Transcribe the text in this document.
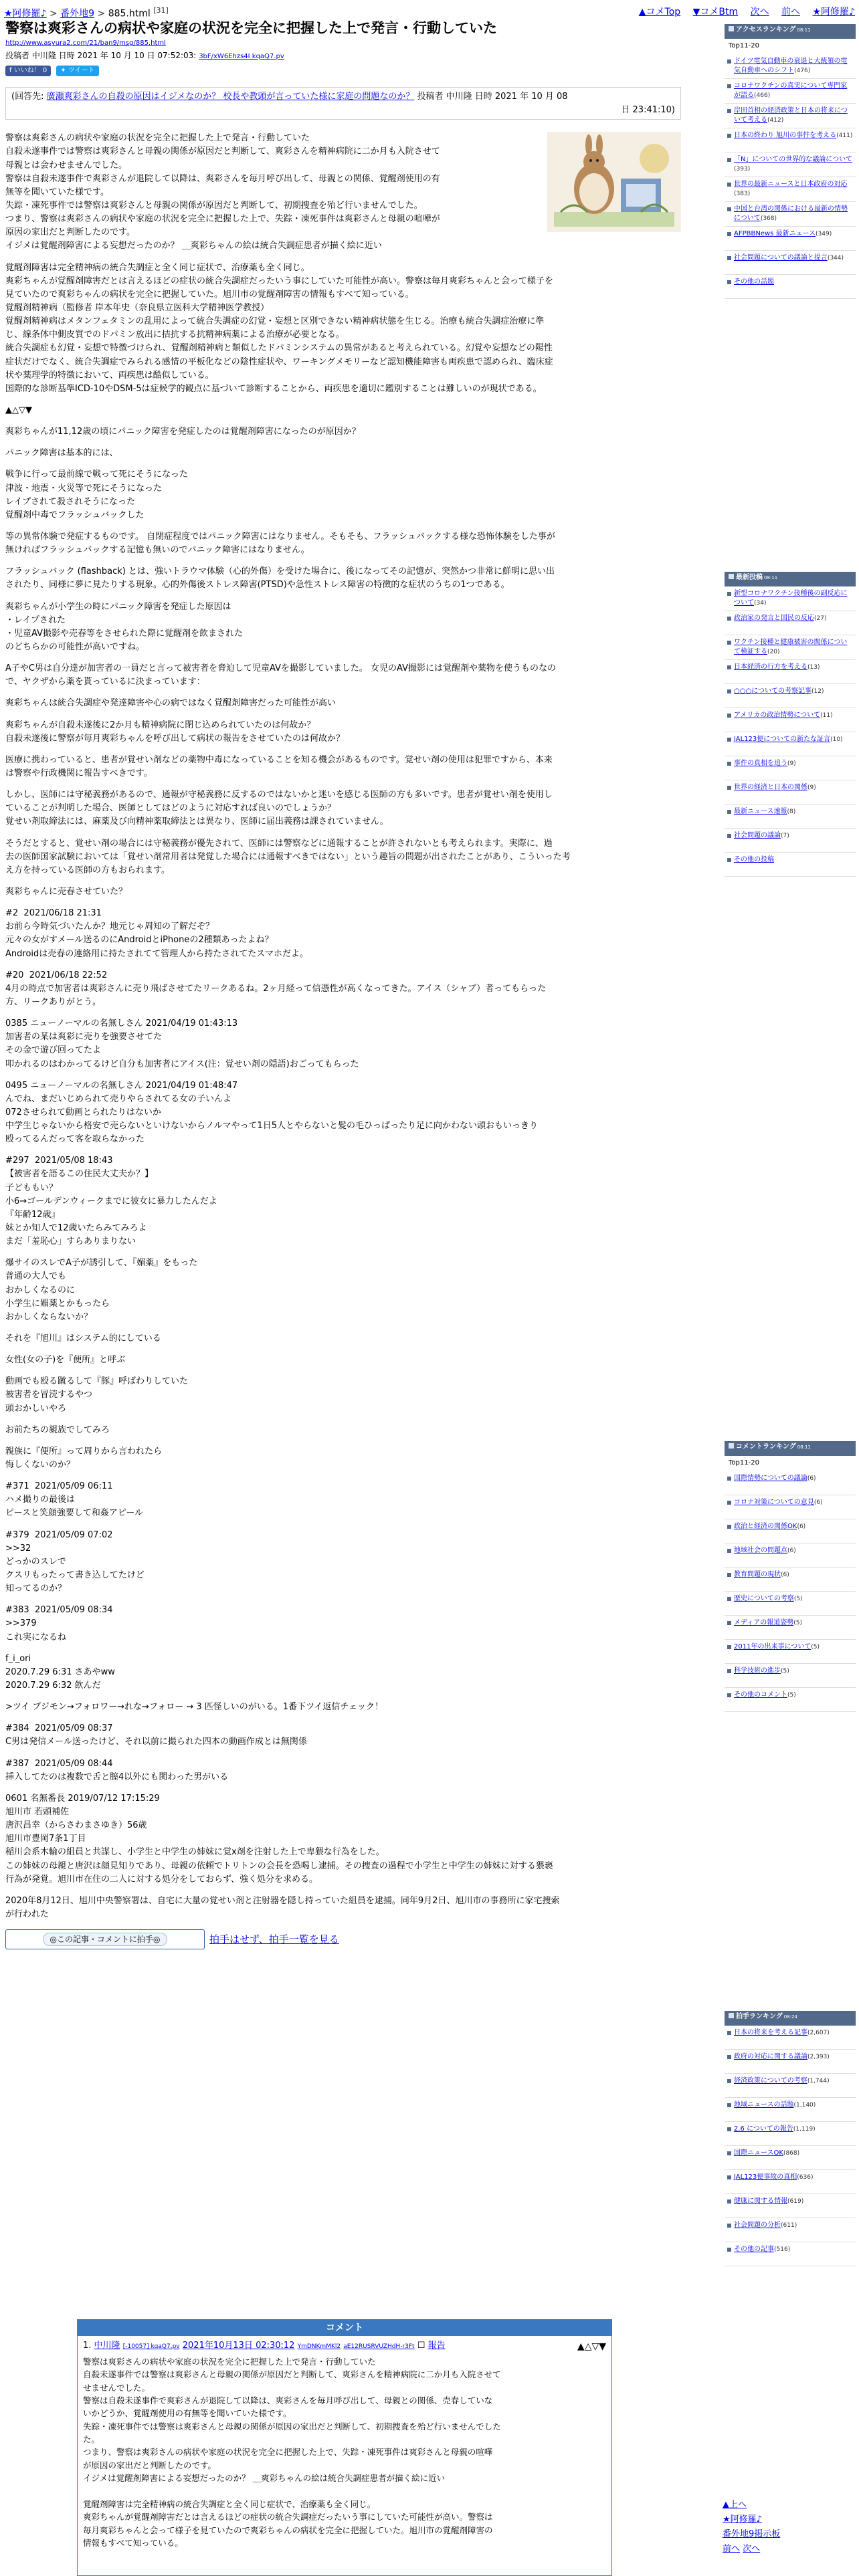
★阿修羅♪ > 番外地9 > 885.html [31]	▲コメTop ▼コメBtm 次へ 前へ ★阿修羅♪
警察は爽彩さんの病状や家庭の状況を完全に把握した上で発言・行動していた
http://www.asyura2.com/21/ban9/msg/885.html
投稿者 中川隆 日時 2021 年 10 月 10 日 07:52:03: 3bF/xW6Ehzs4I kqaQ7.pv
f いいね！ 0 ✦ ツイート
(回答先: 廣瀬爽彩さんの自殺の原因はイジメなのか？ 校長や教頭が言っていた様に家庭の問題なのか？ 投稿者 中川隆 日時 2021 年 10 月 08
日 23:41:10)
警察は爽彩さんの病状や家庭の状況を完全に把握した上で発言・行動していた
自殺未遂事件では警察は爽彩さんと母親の関係が原因だと判断して、爽彩さんを精神病院に二か月も入院させて
母親とは会わせませんでした。
警察は自殺未遂事件で爽彩さんが退院して以降は、爽彩さんを毎月呼び出して、母親との関係、覚醒剤使用の有
無等を聞いていた様です。
失踪・凍死事件では警察は爽彩さんと母親の関係が原因だと判断して、初期捜査を殆ど行いませんでした。
つまり、警察は爽彩さんの病状や家庭の状況を完全に把握した上で、失踪・凍死事件は爽彩さんと母親の喧嘩が
原因の家出だと判断したのです。
イジメは覚醒剤障害による妄想だったのか？ ＿爽彩ちゃんの絵は統合失調症患者が描く絵に近い
覚醒剤障害は完全精神病の統合失調症と全く同じ症状で、治療薬も全く同じ。
爽彩ちゃんが覚醒剤障害だとは言えるほどの症状の統合失調症だったいう事にしていた可能性が高い。警察は毎月爽彩ちゃんと会って様子を
見ていたので爽彩ちゃんの病状を完全に把握していた。旭川市の覚醒剤障害の情報もすべて知っている。
覚醒剤精神病（監修者 岸本年史（奈良県立医科大学精神医学教授）
覚醒剤精神病はメタンフェタミンの乱用によって統合失調症の幻覚・妄想と区別できない精神病状態を生じる。治療も統合失調症治療に準
じ、線条体中側皮質でのドパミン放出に拮抗する抗精神病薬による治療が必要となる。
統合失調症も幻覚・妄想で特徴づけられ、覚醒剤精神病と類似したドパミンシステムの異常があると考えられている。幻覚や妄想などの陽性
症状だけでなく、統合失調症でみられる感情の平板化などの陰性症状や、ワーキングメモリーなど認知機能障害も両疾患で認められ、臨床症
状や薬理学的特徴において、両疾患は酷似している。
国際的な診断基準ICD-10やDSM-5は症候学的観点に基づいて診断することから、両疾患を適切に鑑別することは難しいのが現状である。
▲△▽▼
爽彩ちゃんが11,12歳の頃にパニック障害を発症したのは覚醒剤障害になったのが原因か？
パニック障害は基本的には、
戦争に行って最前線で戦って死にそうになった
津波・地震・火災等で死にそうになった
レイプされて殺されそうになった
覚醒剤中毒でフラッシュバックした
等の異常体験で発症するものです。 自閉症程度ではパニック障害にはなりません。そもそも、フラッシュバックする様な恐怖体験をした事が
無ければフラッシュバックする記憶も無いのでパニック障害にはなりません。
フラッシュバック (flashback) とは、強いトラウマ体験（心的外傷）を受けた場合に、後になってその記憶が、突然かつ非常に鮮明に思い出
されたり、同様に夢に見たりする現象。心的外傷後ストレス障害(PTSD)や急性ストレス障害の特徴的な症状のうちの1つである。
爽彩ちゃんが小学生の時にパニック障害を発症した原因は
・レイプされた
・児童AV撮影や売春等をさせられた際に覚醒剤を飲まされた
のどちらかの可能性が高いですね。
A子やC男は自分達が加害者の一員だと言って被害者を脅迫して児童AVを撮影していました。 女児のAV撮影には覚醒剤や薬物を使うものなの
で、ヤクザから薬を貰っているに決まっています：
爽彩ちゃんは統合失調症や発達障害や心の病ではなく覚醒剤障害だった可能性が高い
爽彩ちゃんが自殺未遂後に2か月も精神病院に閉じ込められていたのは何故か？
自殺未遂後に警察が毎月爽彩ちゃんを呼び出して病状の報告をさせていたのは何故か？
医療に携わっていると、患者が覚せい剤などの薬物中毒になっていることを知る機会があるものです。覚せい剤の使用は犯罪ですから、本来
は警察や行政機関に報告すべきです。
しかし、医師には守秘義務があるので、通報が守秘義務に反するのではないかと迷いを感じる医師の方も多いです。患者が覚せい剤を使用し
ていることが判明した場合、医師としてはどのように対応すれば良いのでしょうか？
覚せい剤取締法には、麻薬及び向精神薬取締法とは異なり、医師に届出義務は課されていません。
そうだとすると、覚せい剤の場合には守秘義務が優先されて、医師には警察などに通報することが許されないとも考えられます。実際に、過
去の医師国家試験においては「覚せい剤常用者は発覚した場合には通報すべきではない」という趣旨の問題が出されたことがあり、こういった考
え方を持っている医師の方もおられます。
爽彩ちゃんに売春させていた？
#2  2021/06/18 21:31
お前ら今時気づいたんか？地元じゃ周知の了解だぞ？
元々の女がすメール送るのにAndroidとiPhoneの2種類あったよね？
Androidは売春の連絡用に持たされてて管理人から持たされてたスマホだよ。
#20  2021/06/18 22:52
4月の時点で加害者は爽彩さんに売り飛ばさせてたリークあるね。2ヶ月経って信憑性が高くなってきた。アイス（シャブ）者ってもらった
方、リークありがとう。
0385 ニューノーマルの名無しさん 2021/04/19 01:43:13
加害者の某は爽彩に売りを強要させてた
その金で遊び回ってたよ
叩かれるのはわかってるけど自分も加害者にアイス(注：覚せい剤の隠語)おごってもらった
0495 ニューノーマルの名無しさん 2021/04/19 01:48:47
んでね、まだいじめられて売りやらされてる女の子いんよ
072させられて動画とられたりはないか
中学生じゃないから格安で売らないといけないからノルマやって1日5人とやらないと髪の毛ひっぱったり足に向かわない頭おもいっきり
殴ってるんだって客を取らなかった
#297  2021/05/08 18:43
【被害者を語るこの住民大丈夫か？】
子どももい？
小6→ゴールデンウィークまでに彼女に暴力したんだよ
『年齢12歳』
妹とか知人で12歳いたらみてみろよ
まだ「羞恥心」すらありまりない
爆サイのスレでA子が誘引して、『媚薬』をもった
普通の大人でも
おかしくなるのに
小学生に媚薬とかもったら
おかしくならないか？
それを『旭川』はシステム的にしている
女性(女の子)を『便所』と呼ぶ
動画でも殴る蹴るして『豚』呼ばわりしていた
被害者を冒涜するやつ
頭おかしいやろ
お前たちの親族でしてみろ
親族に『便所』って周りから言われたら
悔しくないのか？
#371  2021/05/09 06:11
ハメ撮りの最後は
ピースと笑顔強要して和姦アピール
#379  2021/05/09 07:02
>>32
どっかのスレで
クスリもったって書き込してたけど
知ってるのか？
#383  2021/05/09 08:34
>>379
これ実になるね
f_i_ori
2020.7.29 6:31 さあやww
2020.7.29 6:32 飲んだ
>ツイ ブジモン→フォロワー→れな→フォロー → 3 匹怪しいのがいる。1番下ツイ返信チェック！
#384  2021/05/09 08:37
C男は発信メール送ったけど、それ以前に撮られた四本の動画作成とは無関係
#387  2021/05/09 08:44
挿入してたのは複数で舌と膣4以外にも関わった男がいる
0601 名無番長 2019/07/12 17:15:29
旭川市 若頭補佐
唐沢昌幸（からさわまさゆき）56歳
旭川市豊岡7条1丁目
稲川会系木輪の組員と共謀し、小学生と中学生の姉妹に覚x剤を注射した上で卑猥な行為をした。
この姉妹の母親と唐沢は顔見知りであり、母親の依頼でトリトンの会長を恐喝し逮捕。その捜査の過程で小学生と中学生の姉妹に対する猥褻
行為が発覚。旭川市在住の二人に対する処分をしておらず、強く処分を求める。
2020年8月12日、旭川中央警察署は、自宅に大量の覚せい剤と注射器を隠し持っていた組員を逮捕。同年9月2日、旭川市の事務所に家宅捜索
が行われた
◎この記事・コメントに拍手◎	拍手はせず、拍手一覧を見る
コメント
1. 中川隆 [-10057] kqaQ7.pv 2021年10月13日 02:30:12 YmDNKmMKl2 aE12RUSRVUZHdH-r3Ft ☐ 報告	▲△▽▼
警察は爽彩さんの病状や家庭の状況を完全に把握した上で発言・行動していた
自殺未遂事件では警察は爽彩さんと母親の関係が原因だと判断して、爽彩さんを精神病院に二か月も入院させて
せませんでした。
警察は自殺未遂事件で爽彩さんが退院して以降は、爽彩さんを毎月呼び出して、母親との関係、売春していな
いかどうか、覚醒剤使用の有無等を聞いていた様です。
失踪・凍死事件では警察は爽彩さんと母親の関係が原因の家出だと判断して、初期捜査を殆ど行いませんでした
た。
つまり、警察は爽彩さんの病状や家庭の状況を完全に把握した上で、失踪・凍死事件は爽彩さんと母親の喧嘩
が原因の家出だと判断したのです。
イジメは覚醒剤障害による妄想だったのか？ ＿爽彩ちゃんの絵は統合失調症患者が描く絵に近い

覚醒剤障害は完全精神病の統合失調症と全く同じ症状で、治療薬も全く同じ。
爽彩ちゃんが覚醒剤障害だとは言えるほどの症状の統合失調症だったいう事にしていた可能性が高い。警察は
毎月爽彩ちゃんと会って様子を見ていたので爽彩ちゃんの病状を完全に把握していた。旭川市の覚醒剤障害の
情報もすべて知っている。
アクセスランキング 08:11
Top11-20
ドイツ電気自動車の衰退と大統領の電気自動車へのシフト(476)
コロナワクチンの真実について専門家が語る(466)
岸田首相の経済政策と日本の将来について考える(412)
日本の終わり 旭川の事件を考える(411)
「N」についての世界的な議論について(393)
世界の最新ニュースと日本政府の対応(383)
中国と台湾の関係における最新の情勢について(368)
AFPBBNews 最新ニュース(349)
社会問題についての議論と提言(344)
その他の話題
最新投稿 08:11
新型コロナワクチン接種後の副反応について(34)
政治家の発言と国民の反応(27)
ワクチン接種と健康被害の関係について検証する(20)
日本経済の行方を考える(13)
○○○についての考察記事(12)
アメリカの政治情勢について(11)
JAL123便についての新たな証言(10)
事件の真相を追う(9)
世界の経済と日本の関係(9)
最新ニュース速報(8)
社会問題の議論(7)
その他の投稿
コメントランキング 08:11
Top11-20
国際情勢についての議論(6)
コロナ対策についての意見(6)
政治と経済の関係OK(6)
地域社会の問題点(6)
教育問題の現状(6)
歴史についての考察(5)
メディアの報道姿勢(5)
2011年の出来事について(5)
科学技術の進歩(5)
その他のコメント(5)
拍手ランキング 08:24
日本の将来を考える記事(2,607)
政府の対応に関する議論(2,393)
経済政策についての考察(1,744)
地域ニュースの話題(1,140)
2.6 についての報告(1,119)
国際ニュースOK(868)
JAL123便事故の真相(636)
健康に関する情報(619)
社会問題の分析(611)
その他の記事(516)
▲上へ
★阿修羅♪
番外地9掲示板
前へ 次へ
